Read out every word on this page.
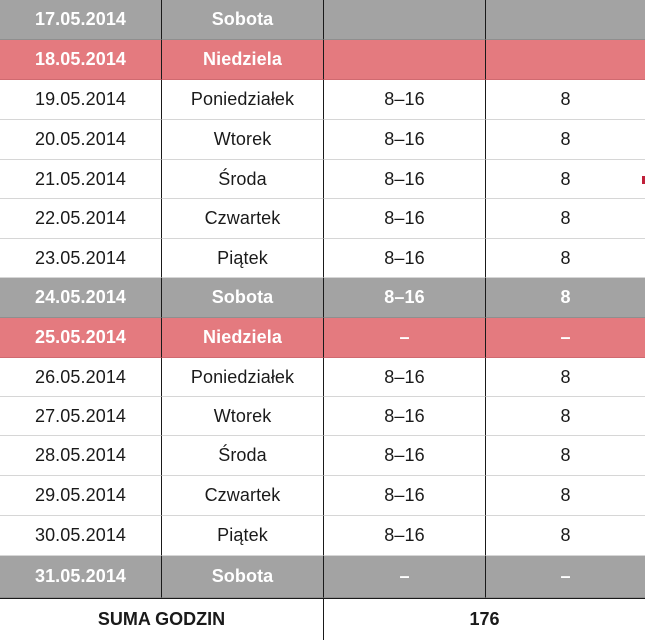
17.05.2014	Sobota
18.05.2014	Niedziela
19.05.2014	Poniedziałek	8–16	8
20.05.2014	Wtorek	8–16	8
21.05.2014	Środa	8–16	8
22.05.2014	Czwartek	8–16	8
23.05.2014	Piątek	8–16	8
24.05.2014	Sobota	8–16	8
25.05.2014	Niedziela	–	–
26.05.2014	Poniedziałek	8–16	8
27.05.2014	Wtorek	8–16	8
28.05.2014	Środa	8–16	8
29.05.2014	Czwartek	8–16	8
30.05.2014	Piątek	8–16	8
31.05.2014	Sobota	–	–
SUMA GODZIN	176
